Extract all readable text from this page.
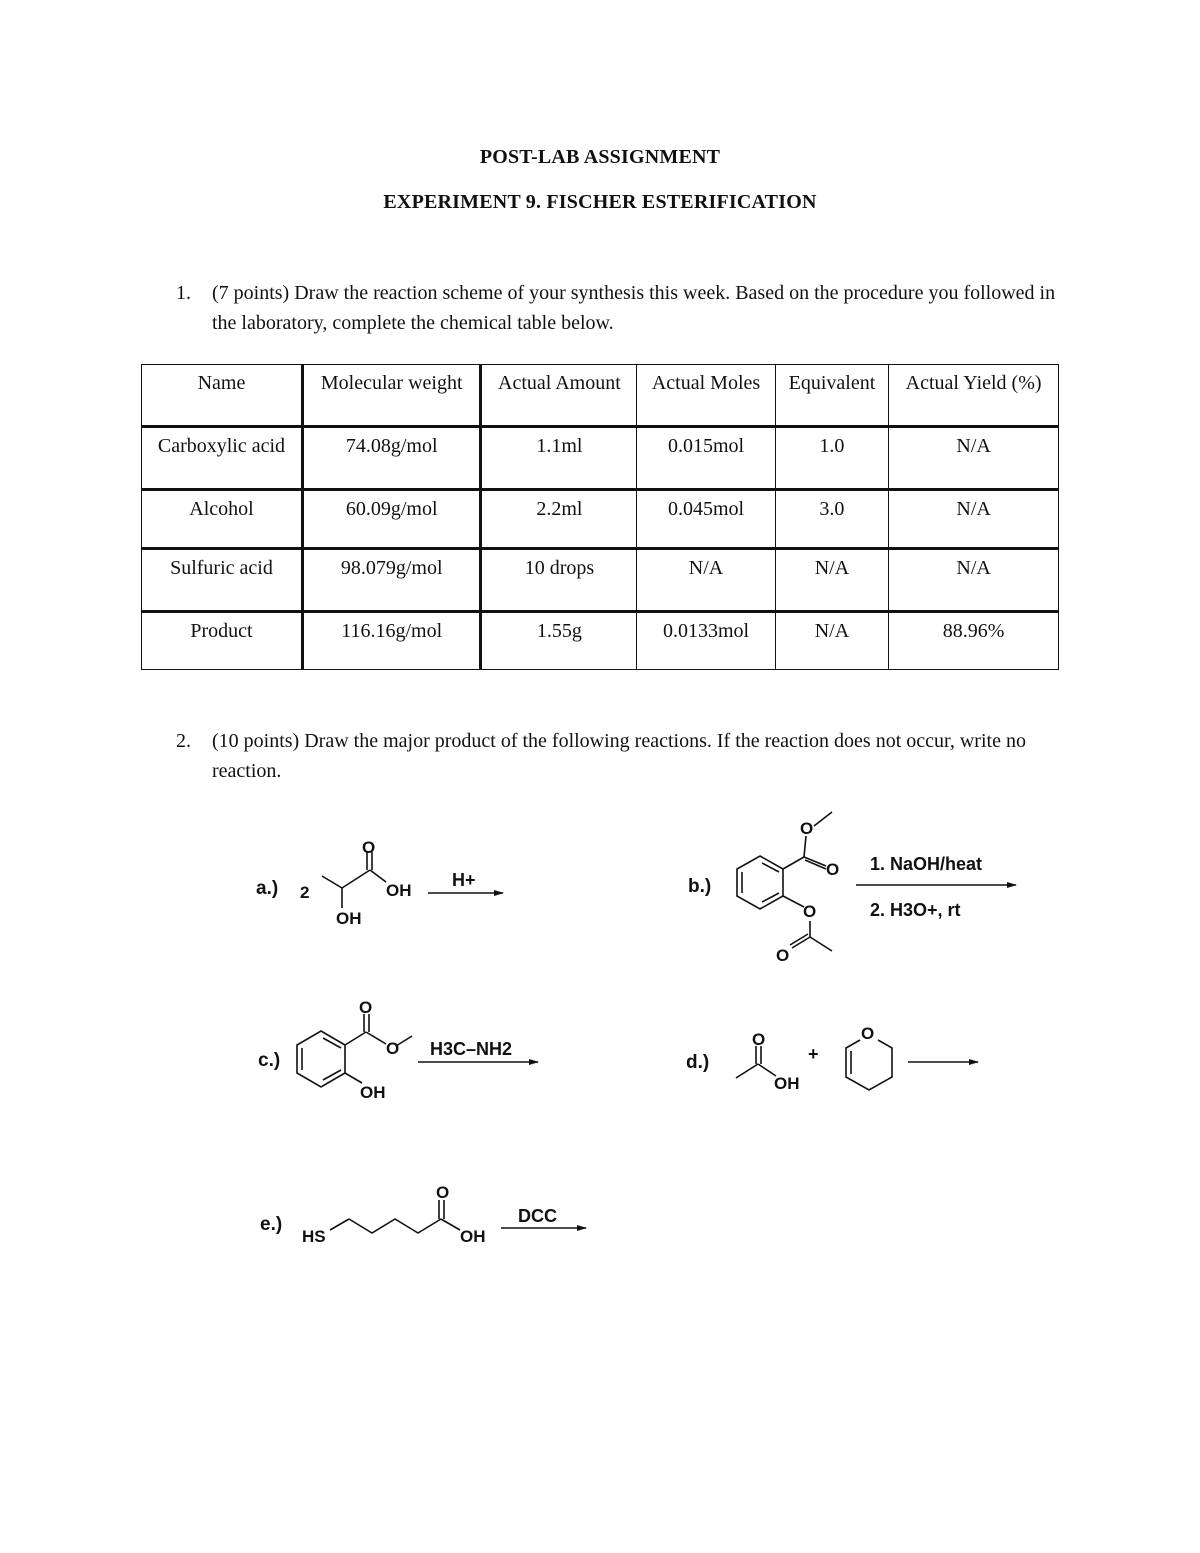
POST-LAB ASSIGNMENT
EXPERIMENT 9. FISCHER ESTERIFICATION
1. (7 points) Draw the reaction scheme of your synthesis this week. Based on the procedure you followed in the laboratory, complete the chemical table below.
Name	Molecular weight	Actual Amount	Actual Moles	Equivalent	Actual Yield (%)
Carboxylic acid	74.08g/mol	1.1ml	0.015mol	1.0	N/A
Alcohol	60.09g/mol	2.2ml	0.045mol	3.0	N/A
Sulfuric acid	98.079g/mol	10 drops	N/A	N/A	N/A
Product	116.16g/mol	1.55g	0.0133mol	N/A	88.96%
2. (10 points) Draw the major product of the following reactions. If the reaction does not occur, write no reaction.
a.) 2
O
OH
OH
H+	b.)
O
O
O
O
1. NaOH/heat
2. H3O+, rt
c.)
O
O
OH
H3C–NH2
d.)
O
OH
+
O
e.)
HS
O
OH
DCC
